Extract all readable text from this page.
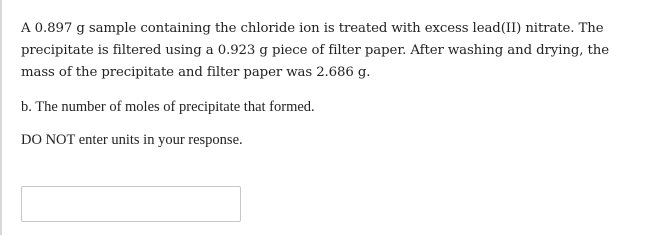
A 0.897 g sample containing the chloride ion is treated with excess lead(II) nitrate. The precipitate is filtered using a 0.923 g piece of filter paper. After washing and drying, the mass of the precipitate and filter paper was 2.686 g.

b. The number of moles of precipitate that formed.

DO NOT enter units in your response.
